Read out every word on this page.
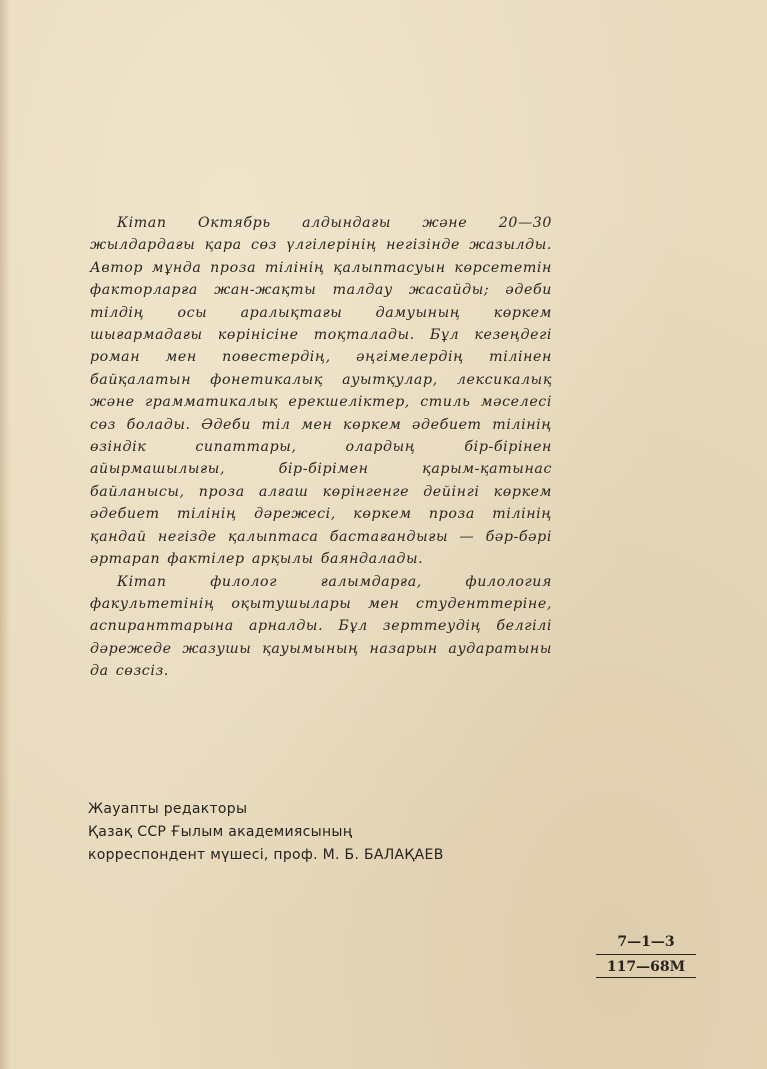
Кітап Октябрь алдындағы және 20—30 жылдардағы қара сөз үлгілерінің негізінде жазылды. Автор мұнда проза тілінің қалыптасуын көрсететін факторларға жан-жақты талдау жасайды; әдеби тілдің осы аралықтағы дамуының көркем шығармадағы көрінісіне тоқталады. Бұл кезеңдегі роман мен повестердің, әңгімелердің тілінен байқалатын фонетикалық ауытқулар, лексикалық және грамматикалық ерекшеліктер, стиль мәселесі сөз болады. Әдеби тіл мен көркем әдебиет тілінің өзіндік сипаттары, олардың бір-бірінен айырмашылығы, бір-бірімен қарым-қатынас байланысы, проза алғаш көрінгенге дейінгі көркем әдебиет тілінің дәрежесі, көркем проза тілінің қандай негізде қалыптаса бастағандығы — бәр-бәрі әртарап фактілер арқылы баяндалады.

Кітап филолог ғалымдарға, филология факультетінің оқытушылары мен студенттеріне, аспиранттарына арналды. Бұл зерттеудің белгілі дәрежеде жазушы қауымының назарын аударатыны да сөзсіз.

Жауапты редакторы
Қазақ ССР Ғылым академиясының
корреспондент мүшесі, проф. М. Б. БАЛАҚАЕВ
7—1—3
117—68М
